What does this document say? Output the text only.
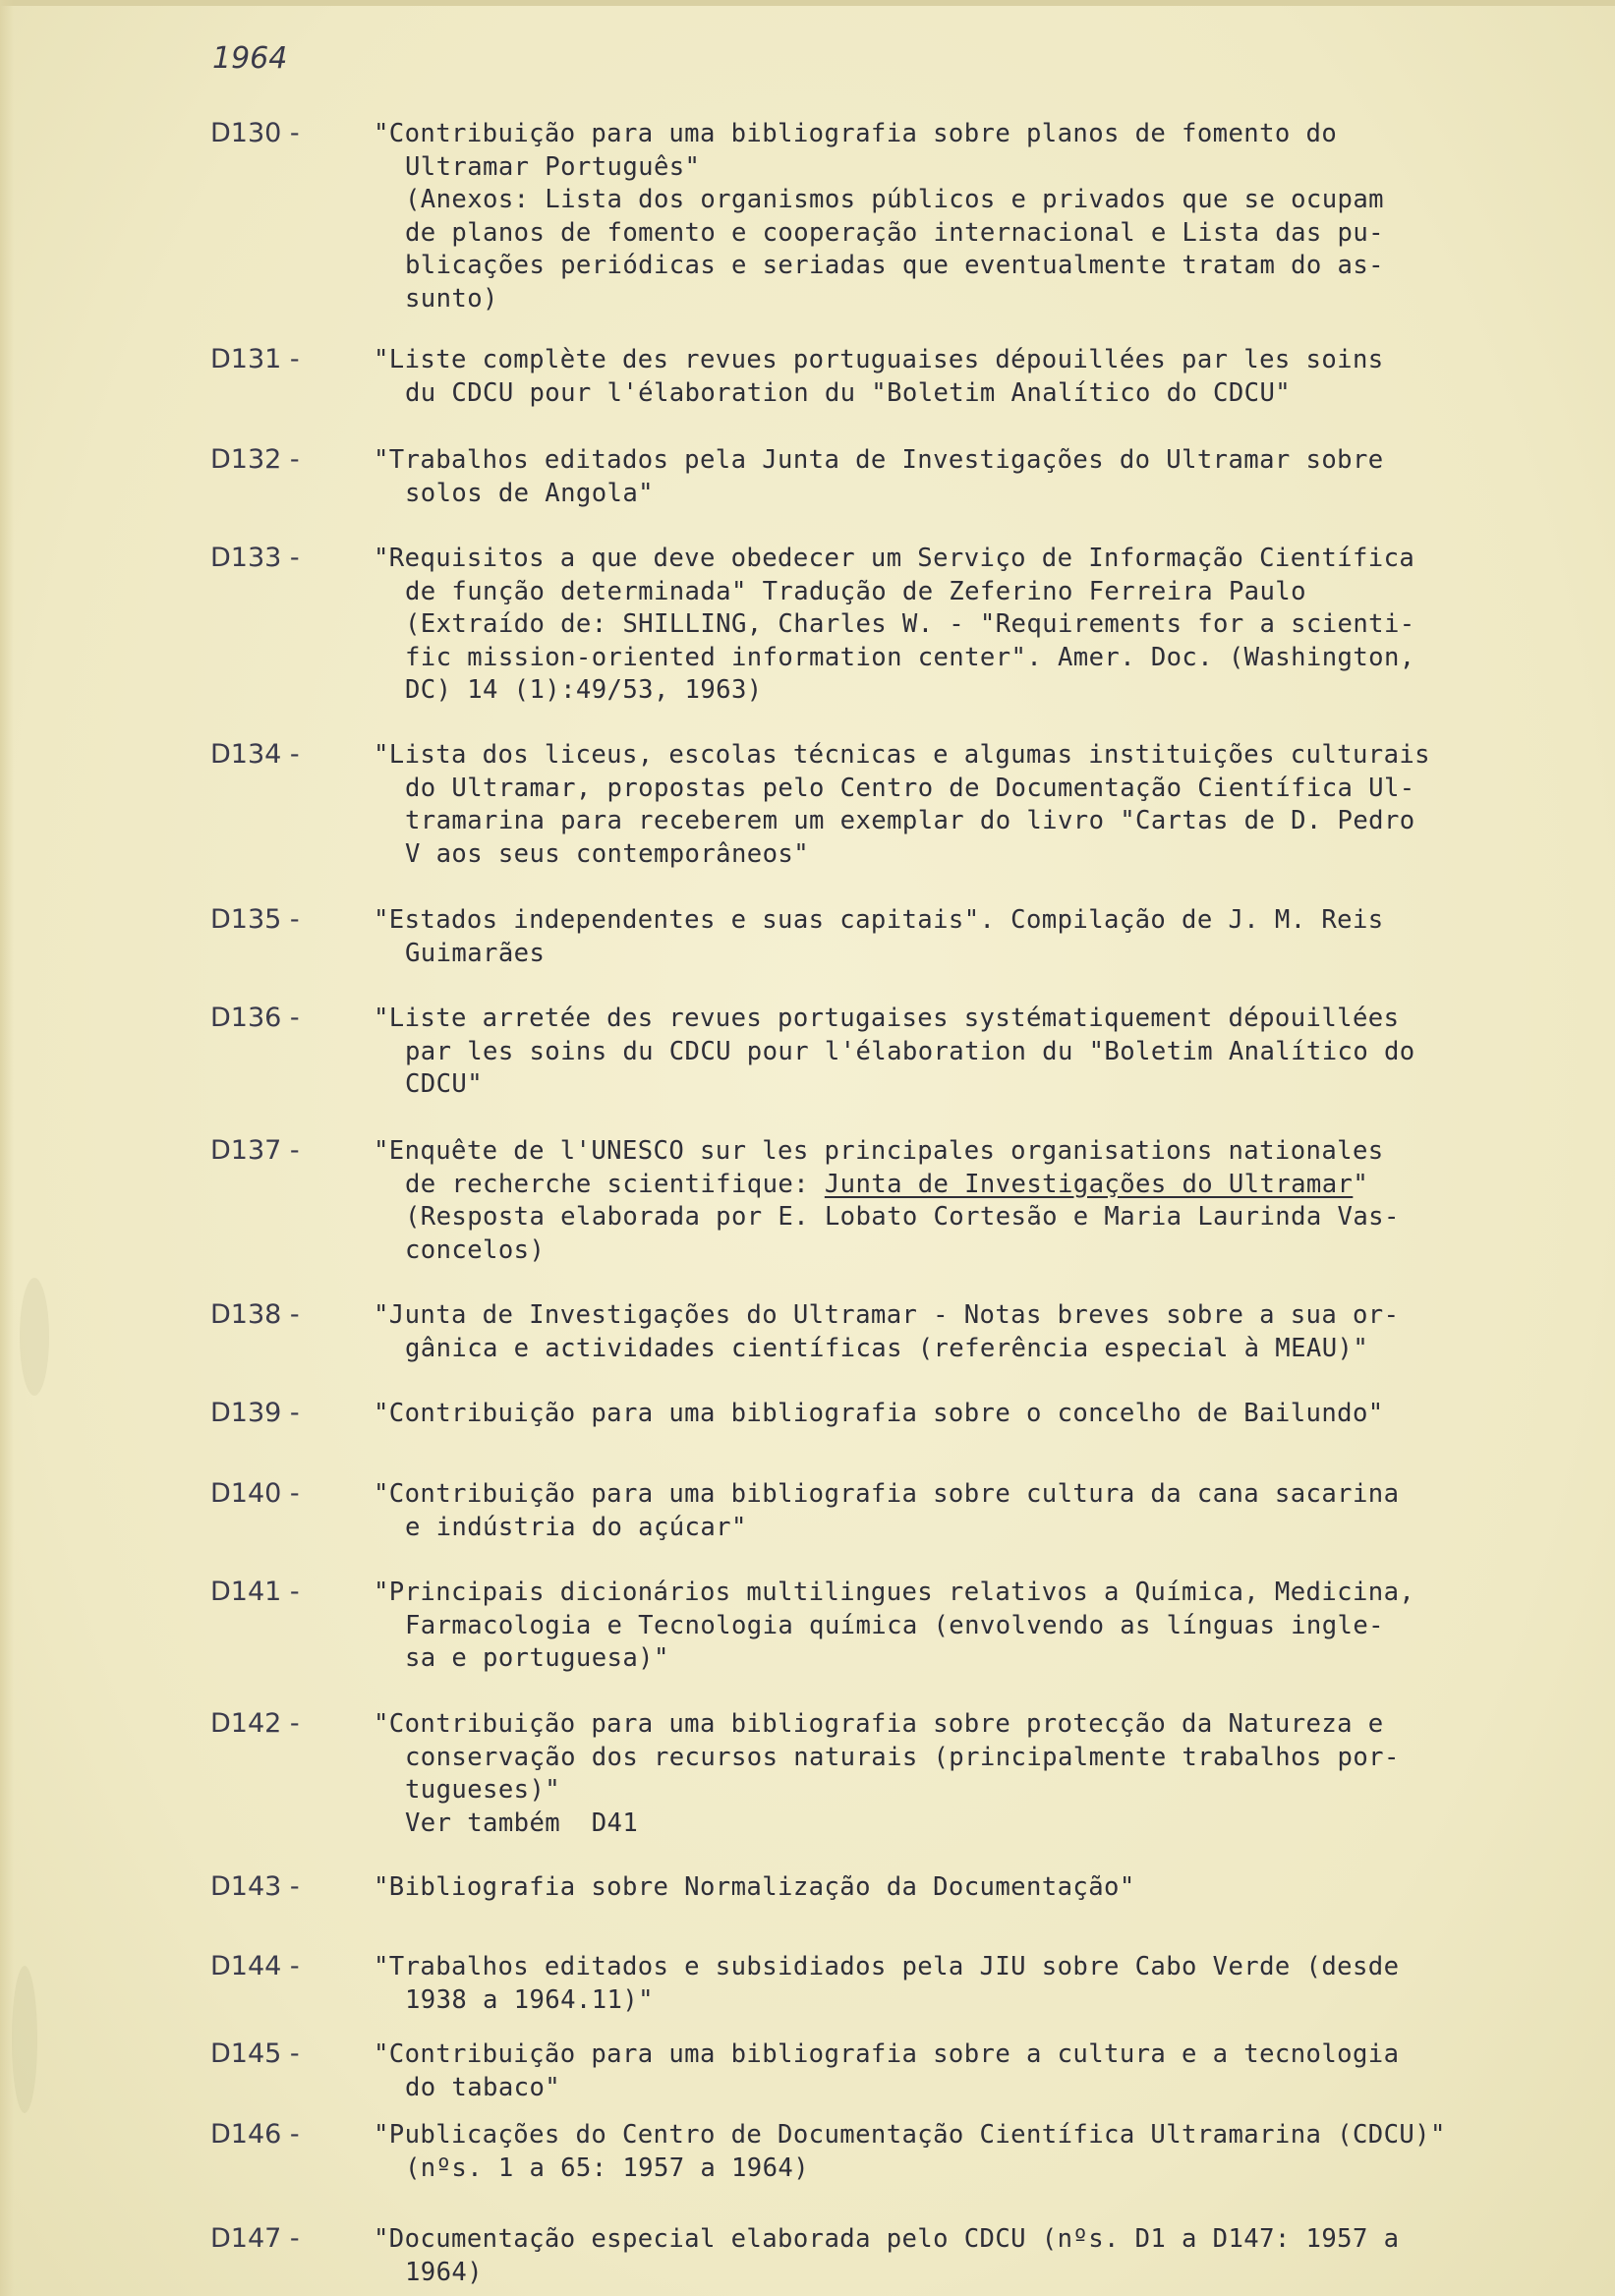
1964
D130 -	"Contribuição para uma bibliografia sobre planos de fomento do
Ultramar Português"
(Anexos: Lista dos organismos públicos e privados que se ocupam
de planos de fomento e cooperação internacional e Lista das pu-
blicações periódicas e seriadas que eventualmente tratam do as-
sunto)
D131 -	"Liste complète des revues portuguaises dépouillées par les soins
du CDCU pour l'élaboration du "Boletim Analítico do CDCU"
D132 -	"Trabalhos editados pela Junta de Investigações do Ultramar sobre
solos de Angola"
D133 -	"Requisitos a que deve obedecer um Serviço de Informação Científica
de função determinada" Tradução de Zeferino Ferreira Paulo
(Extraído de: SHILLING, Charles W. - "Requirements for a scienti-
fic mission-oriented information center". Amer. Doc. (Washington,
DC) 14 (1):49/53, 1963)
D134 -	"Lista dos liceus, escolas técnicas e algumas instituições culturais
do Ultramar, propostas pelo Centro de Documentação Científica Ul-
tramarina para receberem um exemplar do livro "Cartas de D. Pedro
V aos seus contemporâneos"
D135 -	"Estados independentes e suas capitais". Compilação de J. M. Reis
Guimarães
D136 -	"Liste arretée des revues portugaises systématiquement dépouillées
par les soins du CDCU pour l'élaboration du "Boletim Analítico do
CDCU"
D137 -	"Enquête de l'UNESCO sur les principales organisations nationales
de recherche scientifique: Junta de Investigações do Ultramar"
(Resposta elaborada por E. Lobato Cortesão e Maria Laurinda Vas-
concelos)
D138 -	"Junta de Investigações do Ultramar - Notas breves sobre a sua or-
gânica e actividades científicas (referência especial à MEAU)"
D139 -	"Contribuição para uma bibliografia sobre o concelho de Bailundo"
D140 -	"Contribuição para uma bibliografia sobre cultura da cana sacarina
e indústria do açúcar"
D141 -	"Principais dicionários multilingues relativos a Química, Medicina,
Farmacologia e Tecnologia química (envolvendo as línguas ingle-
sa e portuguesa)"
D142 -	"Contribuição para uma bibliografia sobre protecção da Natureza e
conservação dos recursos naturais (principalmente trabalhos por-
tugueses)"
Ver também  D41
D143 -	"Bibliografia sobre Normalização da Documentação"
D144 -	"Trabalhos editados e subsidiados pela JIU sobre Cabo Verde (desde
1938 a 1964.11)"
D145 -	"Contribuição para uma bibliografia sobre a cultura e a tecnologia
do tabaco"
D146 -	"Publicações do Centro de Documentação Científica Ultramarina (CDCU)"
(nºs. 1 a 65: 1957 a 1964)
D147 -	"Documentação especial elaborada pelo CDCU (nºs. D1 a D147: 1957 a
1964)
